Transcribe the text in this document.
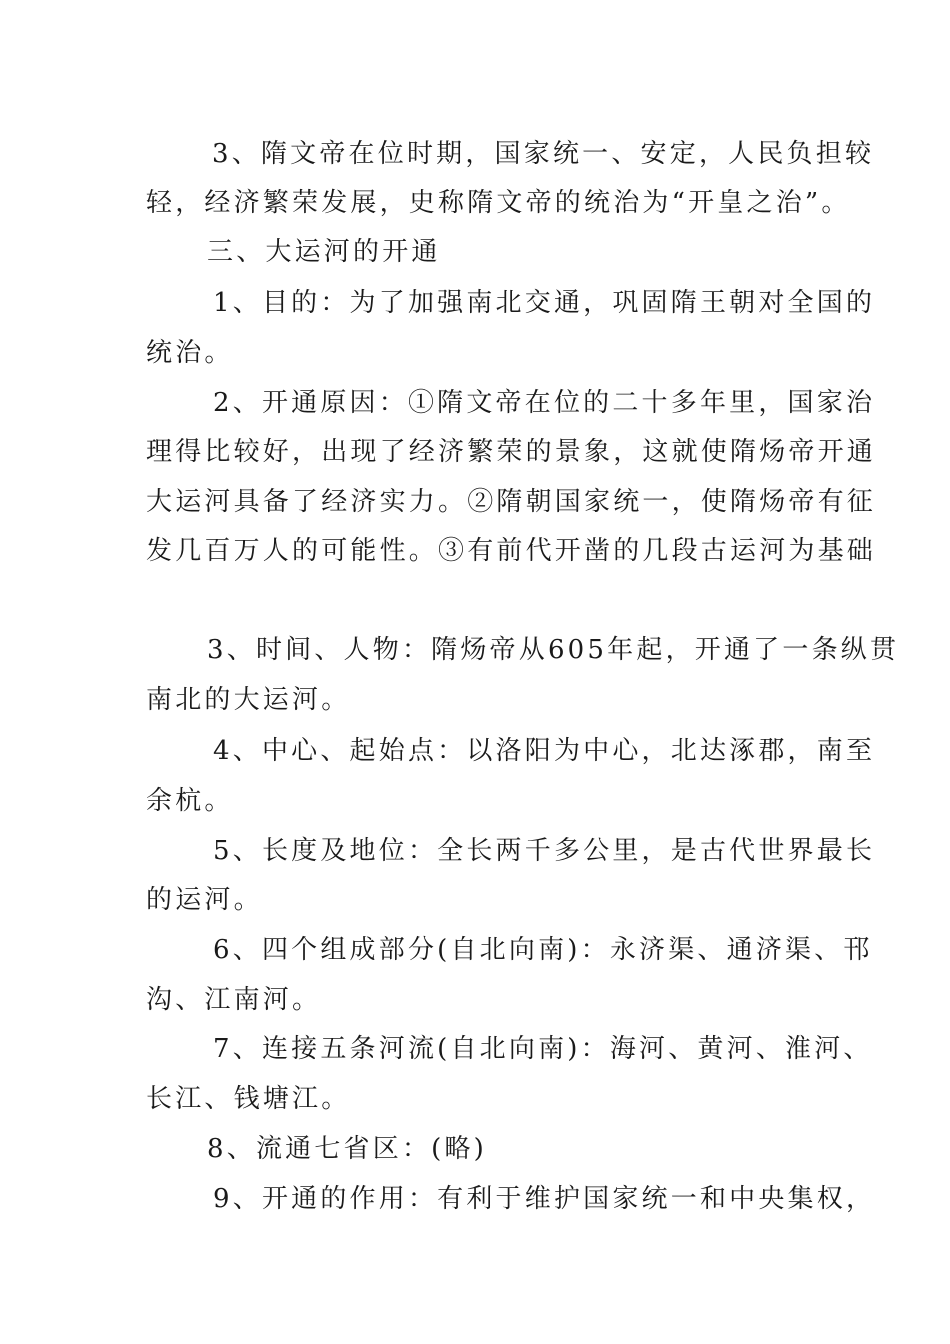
3、隋文帝在位时期，国家统一、安定，人民负担较
轻，经济繁荣发展，史称隋文帝的统治为“开皇之治”。
三、大运河的开通
1、目的：为了加强南北交通，巩固隋王朝对全国的
统治。
2、开通原因：①隋文帝在位的二十多年里，国家治
理得比较好，出现了经济繁荣的景象，这就使隋炀帝开通
大运河具备了经济实力。②隋朝国家统一，使隋炀帝有征
发几百万人的可能性。③有前代开凿的几段古运河为基础
3、时间、人物：隋炀帝从605年起，开通了一条纵贯
南北的大运河。
4、中心、起始点：以洛阳为中心，北达涿郡，南至
余杭。
5、长度及地位：全长两千多公里，是古代世界最长
的运河。
6、四个组成部分(自北向南)：永济渠、通济渠、邗
沟、江南河。
7、连接五条河流(自北向南)：海河、黄河、淮河、
长江、钱塘江。
8、流通七省区：(略)
9、开通的作用：有利于维护国家统一和中央集权，
